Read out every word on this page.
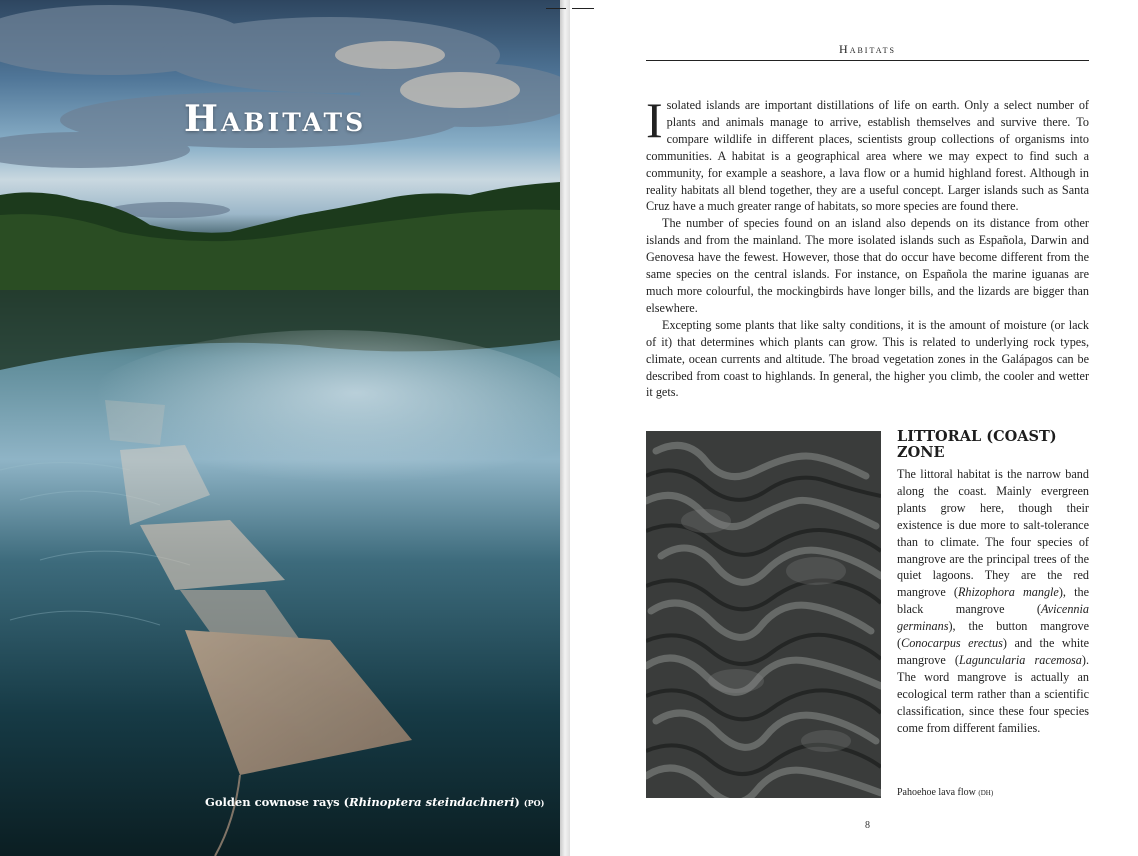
Habitats

Golden cownose rays (Rhinoptera steindachneri) (PO)

Habitats

Isolated islands are important distillations of life on earth. Only a select number of plants and animals manage to arrive, establish themselves and survive there. To compare wildlife in different places, scientists group collections of organisms into communities. A habitat is a geographical area where we may expect to find such a community, for example a seashore, a lava flow or a humid highland forest. Although in reality habitats all blend together, they are a useful concept. Larger islands such as Santa Cruz have a much greater range of habitats, so more species are found there.

The number of species found on an island also depends on its distance from other islands and from the mainland. The more isolated islands such as Española, Darwin and Genovesa have the fewest. However, those that do occur have become different from the same species on the central islands. For instance, on Española the marine iguanas are much more colourful, the mockingbirds have longer bills, and the lizards are bigger than elsewhere.

Excepting some plants that like salty conditions, it is the amount of moisture (or lack of it) that determines which plants can grow. This is related to underlying rock types, climate, ocean currents and altitude. The broad vegetation zones in the Galápagos can be described from coast to highlands. In general, the higher you climb, the cooler and wetter it gets.

LITTORAL (COAST) ZONE

The littoral habitat is the narrow band along the coast. Mainly evergreen plants grow here, though their existence is due more to salt-tolerance than to climate. The four species of mangrove are the principal trees of the quiet lagoons. They are the red mangrove (Rhizophora mangle), the black mangrove (Avicennia germinans), the button mangrove (Conocarpus erectus) and the white mangrove (Laguncularia racemosa). The word mangrove is actually an ecological term rather than a scientific classification, since these four species come from different families.

Pahoehoe lava flow (DH)

8
